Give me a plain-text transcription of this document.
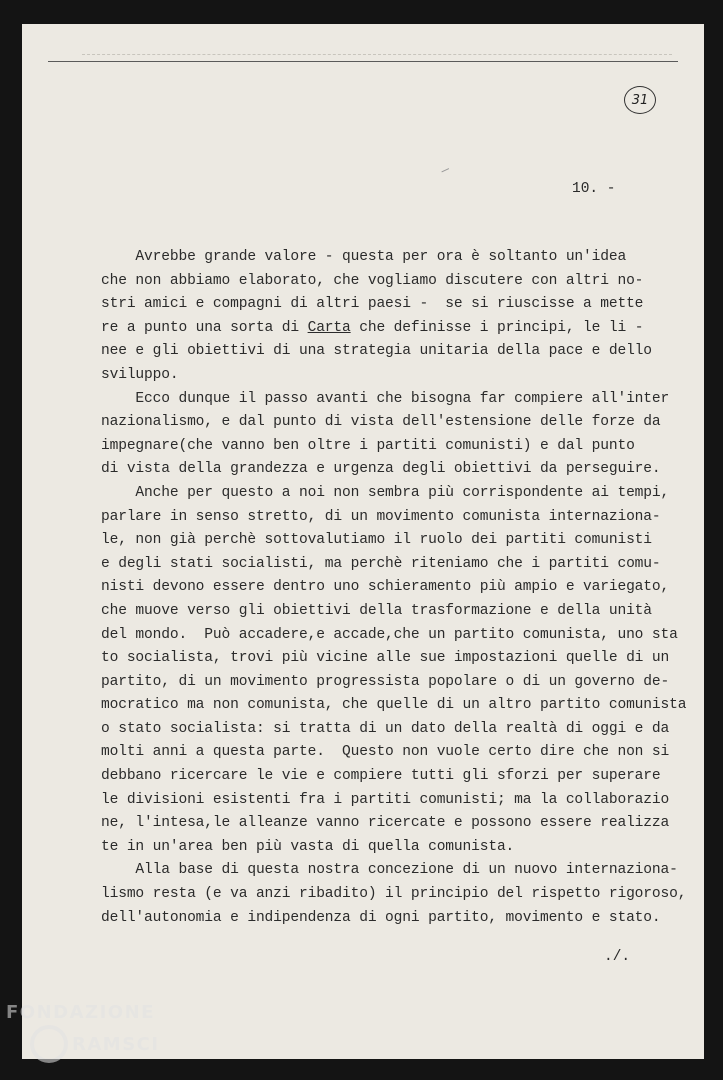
31
10. -
Avrebbe grande valore - questa per ora è soltanto un'idea
che non abbiamo elaborato, che vogliamo discutere con altri no-
stri amici e compagni di altri paesi -  se si riuscisse a mette
re a punto una sorta di Carta che definisse i principi, le li -
nee e gli obiettivi di una strategia unitaria della pace e dello
sviluppo.
Ecco dunque il passo avanti che bisogna far compiere all'inter
nazionalismo, e dal punto di vista dell'estensione delle forze da
impegnare(che vanno ben oltre i partiti comunisti) e dal punto
di vista della grandezza e urgenza degli obiettivi da perseguire.
Anche per questo a noi non sembra più corrispondente ai tempi,
parlare in senso stretto, di un movimento comunista internaziona-
le, non già perchè sottovalutiamo il ruolo dei partiti comunisti
e degli stati socialisti, ma perchè riteniamo che i partiti comu-
nisti devono essere dentro uno schieramento più ampio e variegato,
che muove verso gli obiettivi della trasformazione e della unità
del mondo.  Può accadere,e accade,che un partito comunista, uno sta
to socialista, trovi più vicine alle sue impostazioni quelle di un
partito, di un movimento progressista popolare o di un governo de-
mocratico ma non comunista, che quelle di un altro partito comunista
o stato socialista: si tratta di un dato della realtà di oggi e da
molti anni a questa parte.  Questo non vuole certo dire che non si
debbano ricercare le vie e compiere tutti gli sforzi per superare
le divisioni esistenti fra i partiti comunisti; ma la collaborazio
ne, l'intesa,le alleanze vanno ricercate e possono essere realizza
te in un'area ben più vasta di quella comunista.
Alla base di questa nostra concezione di un nuovo internaziona-
lismo resta (e va anzi ribadito) il principio del rispetto rigoroso,
dell'autonomia e indipendenza di ogni partito, movimento e stato.
./.
FONDAZIONE
RAMSCI
